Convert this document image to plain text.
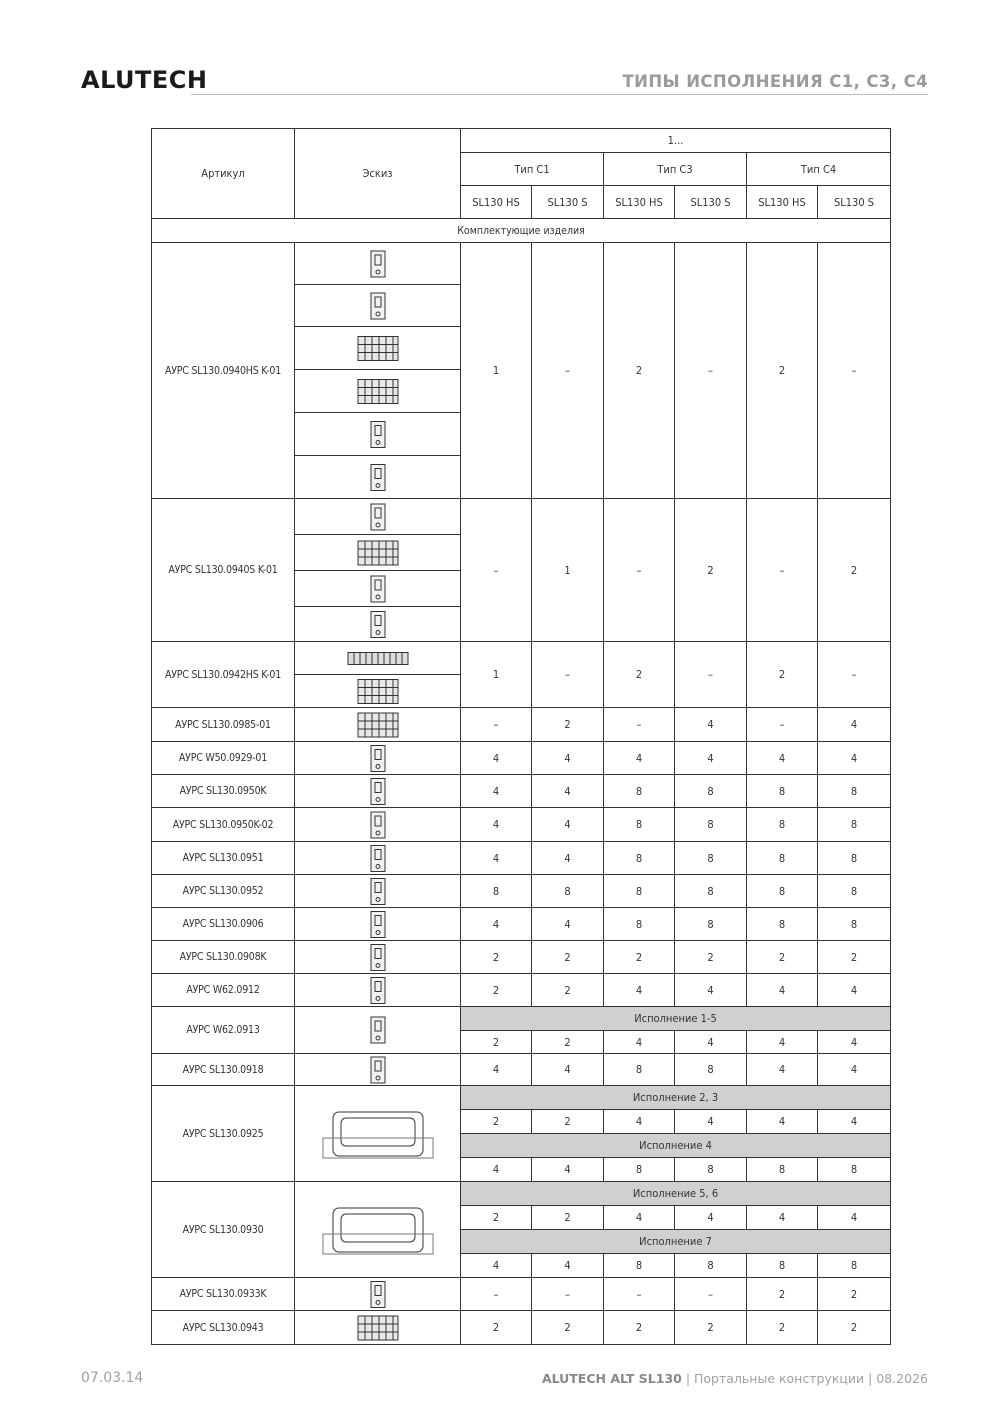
ALUTECH	ТИПЫ ИСПОЛНЕНИЯ С1, С3, С4
Артикул	Эскиз	1...					
		Тип С1		Тип С3		Тип С4	
		SL130 HS	SL130 S	SL130 HS	SL130 S	SL130 HS	SL130 S
Комплектующие изделия							
АУРС SL130.0940HS K-01		1	–	2	–	2	–

АУРС SL130.0940S K-01		–	1	–	2	–	2

АУРС SL130.0942HS K-01		1	–	2	–	2	–

АУРС SL130.0985-01		–	2	–	4	–	4
АУРС W50.0929-01		4	4	4	4	4	4
АУРС SL130.0950K		4	4	8	8	8	8
АУРС SL130.0950K-02		4	4	8	8	8	8
АУРС SL130.0951		4	4	8	8	8	8
АУРС SL130.0952		8	8	8	8	8	8
АУРС SL130.0906		4	4	8	8	8	8
АУРС SL130.0908K		2	2	2	2	2	2
АУРС W62.0912		2	2	4	4	4	4
АУРС W62.0913		Исполнение 1-5					
		2	2	4	4	4	4
АУРС SL130.0918		4	4	8	8	4	4
АУРС SL130.0925		Исполнение 2, 3					
		2	2	4	4	4	4
		Исполнение 4					
		4	4	8	8	8	8
АУРС SL130.0930		Исполнение 5, 6					
		2	2	4	4	4	4
		Исполнение 7					
		4	4	8	8	8	8
АУРС SL130.0933K		–	–	–	–	2	2
АУРС SL130.0943		2	2	2	2	2	2
07.03.14	ALUTECH ALT SL130 | Портальные конструкции | 08.2026
